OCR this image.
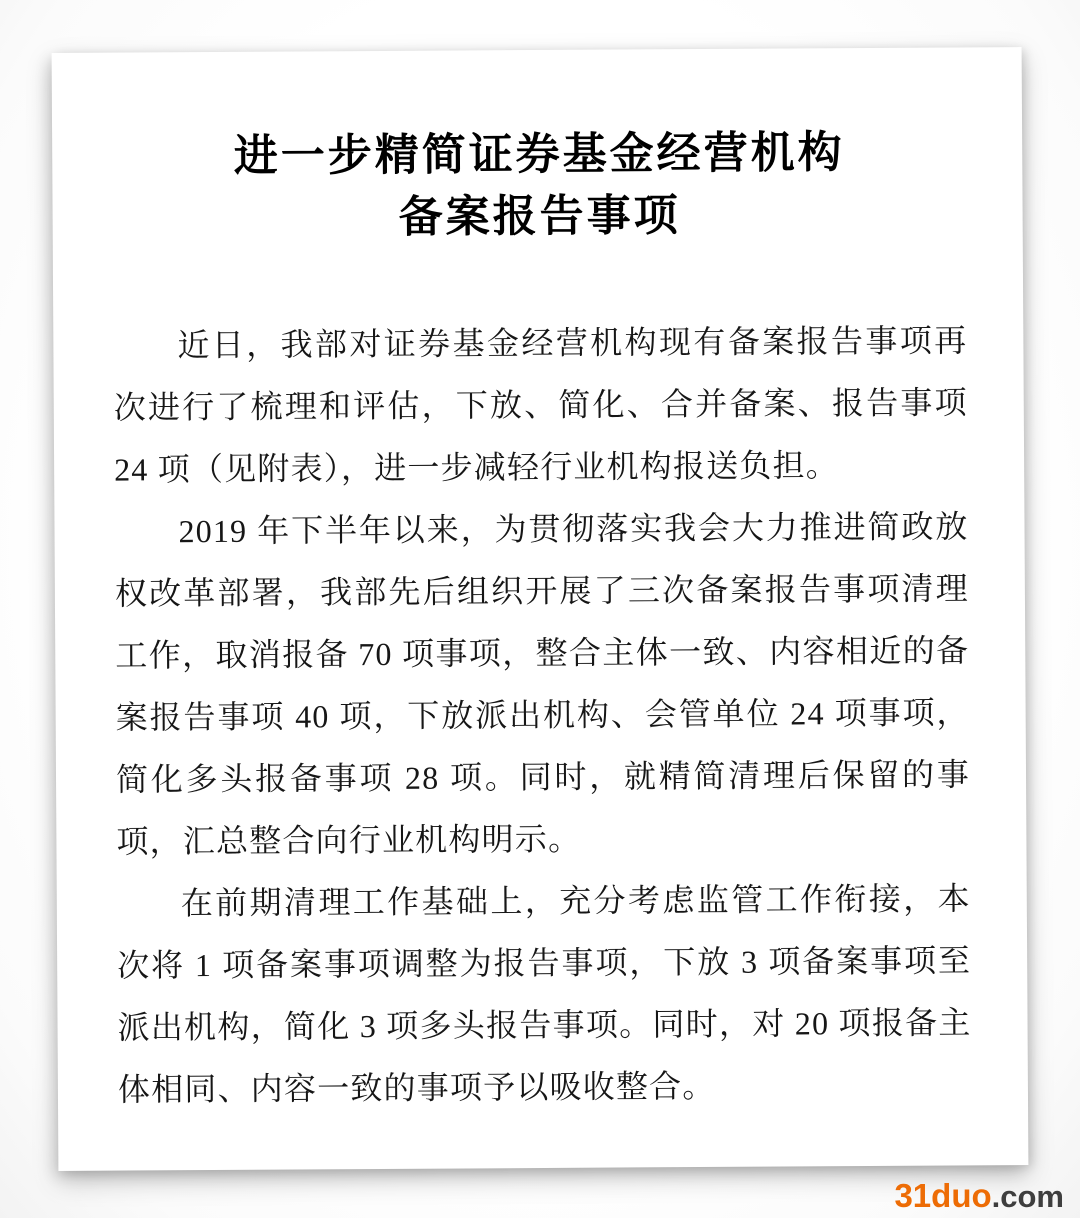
进一步精简证券基金经营机构
备案报告事项

近日，我部对证券基金经营机构现有备案报告事项再次进行了梳理和评估，下放、简化、合并备案、报告事项 24 项（见附表），进一步减轻行业机构报送负担。

2019 年下半年以来，为贯彻落实我会大力推进简政放权改革部署，我部先后组织开展了三次备案报告事项清理工作，取消报备 70 项事项，整合主体一致、内容相近的备案报告事项 40 项，下放派出机构、会管单位 24 项事项，简化多头报备事项 28 项。同时，就精简清理后保留的事项，汇总整合向行业机构明示。

在前期清理工作基础上，充分考虑监管工作衔接，本次将 1 项备案事项调整为报告事项，下放 3 项备案事项至派出机构，简化 3 项多头报告事项。同时，对 20 项报备主体相同、内容一致的事项予以吸收整合。

31duo.com
